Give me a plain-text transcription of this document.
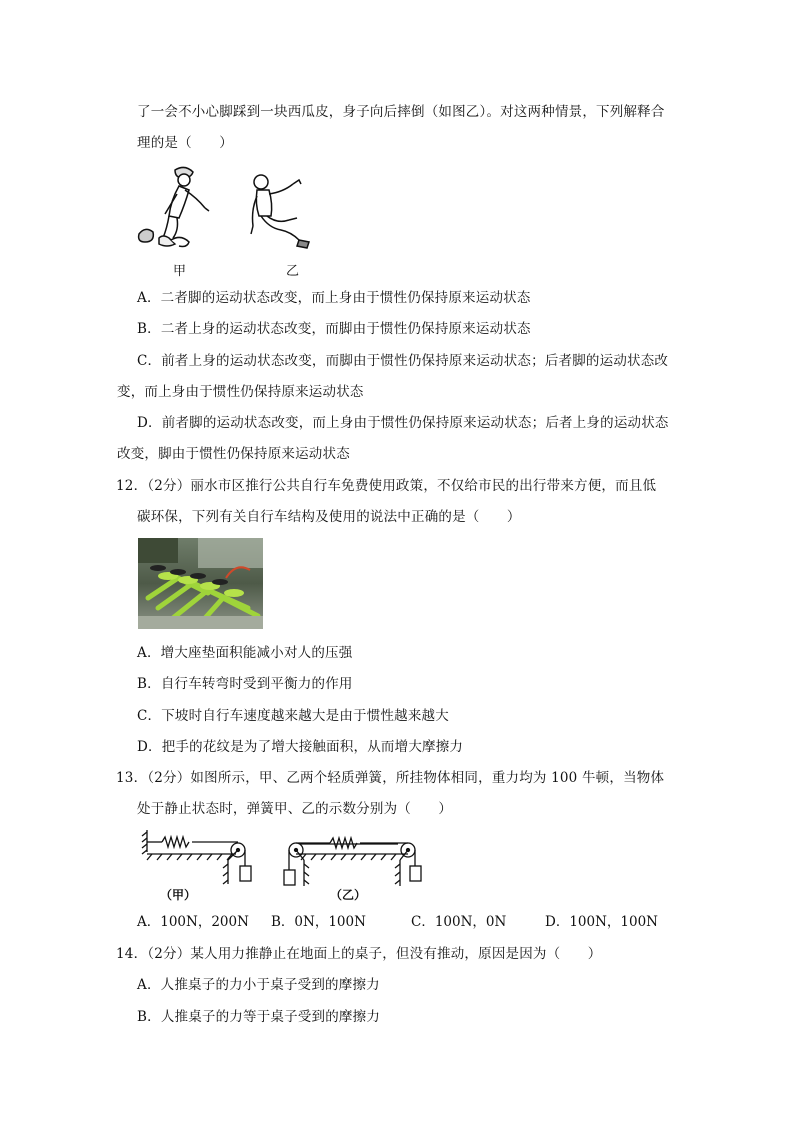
了一会不小心脚踩到一块西瓜皮，身子向后摔倒（如图乙）。对这两种情景，下列解释合
理的是（　　）
甲	乙
A．二者脚的运动状态改变，而上身由于惯性仍保持原来运动状态
B．二者上身的运动状态改变，而脚由于惯性仍保持原来运动状态
C．前者上身的运动状态改变，而脚由于惯性仍保持原来运动状态；后者脚的运动状态改
变，而上身由于惯性仍保持原来运动状态
D．前者脚的运动状态改变，而上身由于惯性仍保持原来运动状态；后者上身的运动状态
改变，脚由于惯性仍保持原来运动状态
12．（2分）丽水市区推行公共自行车免费使用政策，不仅给市民的出行带来方便，而且低
碳环保，下列有关自行车结构及使用的说法中正确的是（　　）
A．增大座垫面积能减小对人的压强
B．自行车转弯时受到平衡力的作用
C．下坡时自行车速度越来越大是由于惯性越来越大
D．把手的花纹是为了增大接触面积，从而增大摩擦力
13．（2分）如图所示，甲、乙两个轻质弹簧，所挂物体相同，重力均为 100 牛顿，当物体
处于静止状态时，弹簧甲、乙的示数分别为（　　）
（甲）	（乙）
A．100N，200N B．0N，100N	C．100N，0N	D．100N，100N
14．（2分）某人用力推静止在地面上的桌子，但没有推动，原因是因为（　　）
A．人推桌子的力小于桌子受到的摩擦力
B．人推桌子的力等于桌子受到的摩擦力
